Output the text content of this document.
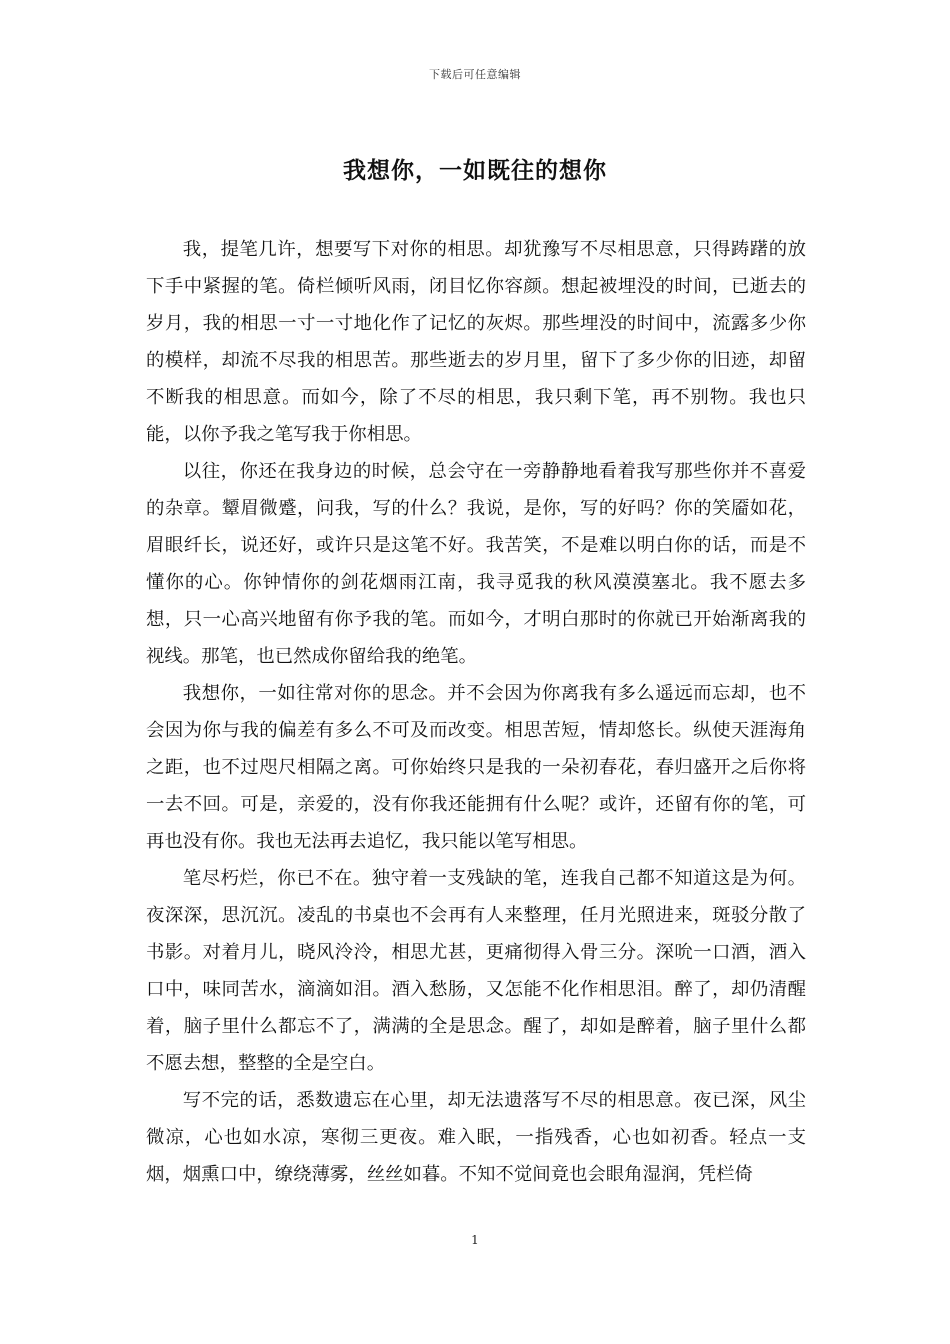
下载后可任意编辑
我想你，一如既往的想你

我，提笔几许，想要写下对你的相思。却犹豫写不尽相思意，只得踌躇的放下手中紧握的笔。倚栏倾听风雨，闭目忆你容颜。想起被埋没的时间，已逝去的岁月，我的相思一寸一寸地化作了记忆的灰烬。那些埋没的时间中，流露多少你的模样，却流不尽我的相思苦。那些逝去的岁月里，留下了多少你的旧迹，却留不断我的相思意。而如今，除了不尽的相思，我只剩下笔，再不别物。我也只能，以你予我之笔写我于你相思。

以往，你还在我身边的时候，总会守在一旁静静地看着我写那些你并不喜爱的杂章。颦眉微蹙，问我，写的什么？我说，是你，写的好吗？你的笑靥如花，眉眼纤长，说还好，或许只是这笔不好。我苦笑，不是难以明白你的话，而是不懂你的心。你钟情你的剑花烟雨江南，我寻觅我的秋风漠漠塞北。我不愿去多想，只一心高兴地留有你予我的笔。而如今，才明白那时的你就已开始渐离我的视线。那笔，也已然成你留给我的绝笔。

我想你，一如往常对你的思念。并不会因为你离我有多么遥远而忘却，也不会因为你与我的偏差有多么不可及而改变。相思苦短，情却悠长。纵使天涯海角之距，也不过咫尺相隔之离。可你始终只是我的一朵初春花，春归盛开之后你将一去不回。可是，亲爱的，没有你我还能拥有什么呢？或许，还留有你的笔，可再也没有你。我也无法再去追忆，我只能以笔写相思。

笔尽朽烂，你已不在。独守着一支残缺的笔，连我自己都不知道这是为何。夜深深，思沉沉。凌乱的书桌也不会再有人来整理，任月光照进来，斑驳分散了书影。对着月儿，晓风泠泠，相思尤甚，更痛彻得入骨三分。深吮一口酒，酒入口中，味同苦水，滴滴如泪。酒入愁肠，又怎能不化作相思泪。醉了，却仍清醒着，脑子里什么都忘不了，满满的全是思念。醒了，却如是醉着，脑子里什么都不愿去想，整整的全是空白。

写不完的话，悉数遗忘在心里，却无法遗落写不尽的相思意。夜已深，风尘微凉，心也如水凉，寒彻三更夜。难入眠，一指残香，心也如初香。轻点一支烟，烟熏口中，缭绕薄雾，丝丝如暮。不知不觉间竟也会眼角湿润，凭栏倚

1
